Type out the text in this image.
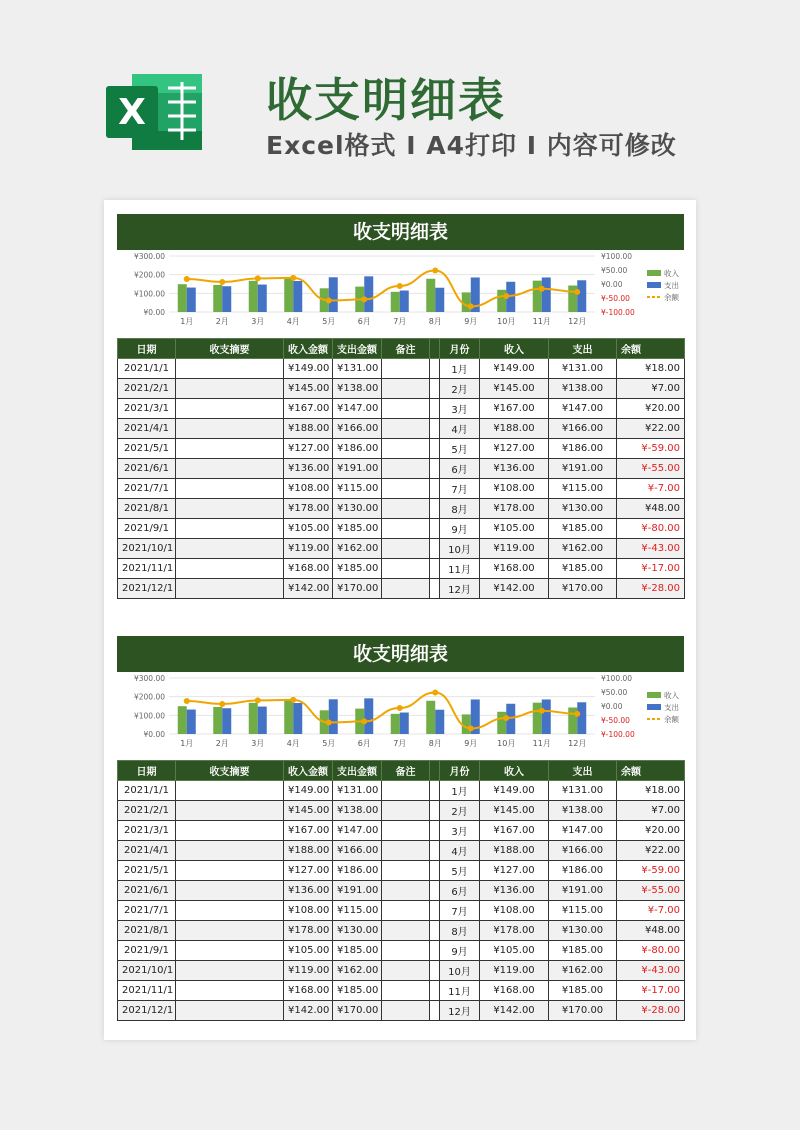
X	收支明细表
Excel格式 I A4打印 I 内容可修改
收支明细表
¥300.00
¥200.00
¥100.00
¥0.00
¥100.00
¥50.00
¥0.00
¥-50.00
¥-100.00
1月	2月	3月	4月	5月	6月	7月	8月	9月 10月 11月 12月
收入
支出
余额
日期	收支摘要	收入金额	支出金额	备注		月份	收入	支出	余额
2021/1/1		¥149.00	¥131.00			1月	¥149.00	¥131.00	¥18.00
2021/2/1		¥145.00	¥138.00			2月	¥145.00	¥138.00	¥7.00
2021/3/1		¥167.00	¥147.00			3月	¥167.00	¥147.00	¥20.00
2021/4/1		¥188.00	¥166.00			4月	¥188.00	¥166.00	¥22.00
2021/5/1		¥127.00	¥186.00			5月	¥127.00	¥186.00	¥-59.00
2021/6/1		¥136.00	¥191.00			6月	¥136.00	¥191.00	¥-55.00
2021/7/1		¥108.00	¥115.00			7月	¥108.00	¥115.00	¥-7.00
2021/8/1		¥178.00	¥130.00			8月	¥178.00	¥130.00	¥48.00
2021/9/1		¥105.00	¥185.00			9月	¥105.00	¥185.00	¥-80.00
2021/10/1		¥119.00	¥162.00			10月	¥119.00	¥162.00	¥-43.00
2021/11/1		¥168.00	¥185.00			11月	¥168.00	¥185.00	¥-17.00
2021/12/1		¥142.00	¥170.00			12月	¥142.00	¥170.00	¥-28.00
收支明细表
¥300.00
¥200.00
¥100.00
¥0.00
¥100.00
¥50.00
¥0.00
¥-50.00
¥-100.00
1月	2月	3月	4月	5月	6月	7月	8月	9月 10月 11月 12月
收入
支出
余额
日期	收支摘要	收入金额	支出金额	备注		月份	收入	支出	余额
2021/1/1		¥149.00	¥131.00			1月	¥149.00	¥131.00	¥18.00
2021/2/1		¥145.00	¥138.00			2月	¥145.00	¥138.00	¥7.00
2021/3/1		¥167.00	¥147.00			3月	¥167.00	¥147.00	¥20.00
2021/4/1		¥188.00	¥166.00			4月	¥188.00	¥166.00	¥22.00
2021/5/1		¥127.00	¥186.00			5月	¥127.00	¥186.00	¥-59.00
2021/6/1		¥136.00	¥191.00			6月	¥136.00	¥191.00	¥-55.00
2021/7/1		¥108.00	¥115.00			7月	¥108.00	¥115.00	¥-7.00
2021/8/1		¥178.00	¥130.00			8月	¥178.00	¥130.00	¥48.00
2021/9/1		¥105.00	¥185.00			9月	¥105.00	¥185.00	¥-80.00
2021/10/1		¥119.00	¥162.00			10月	¥119.00	¥162.00	¥-43.00
2021/11/1		¥168.00	¥185.00			11月	¥168.00	¥185.00	¥-17.00
2021/12/1		¥142.00	¥170.00			12月	¥142.00	¥170.00	¥-28.00
